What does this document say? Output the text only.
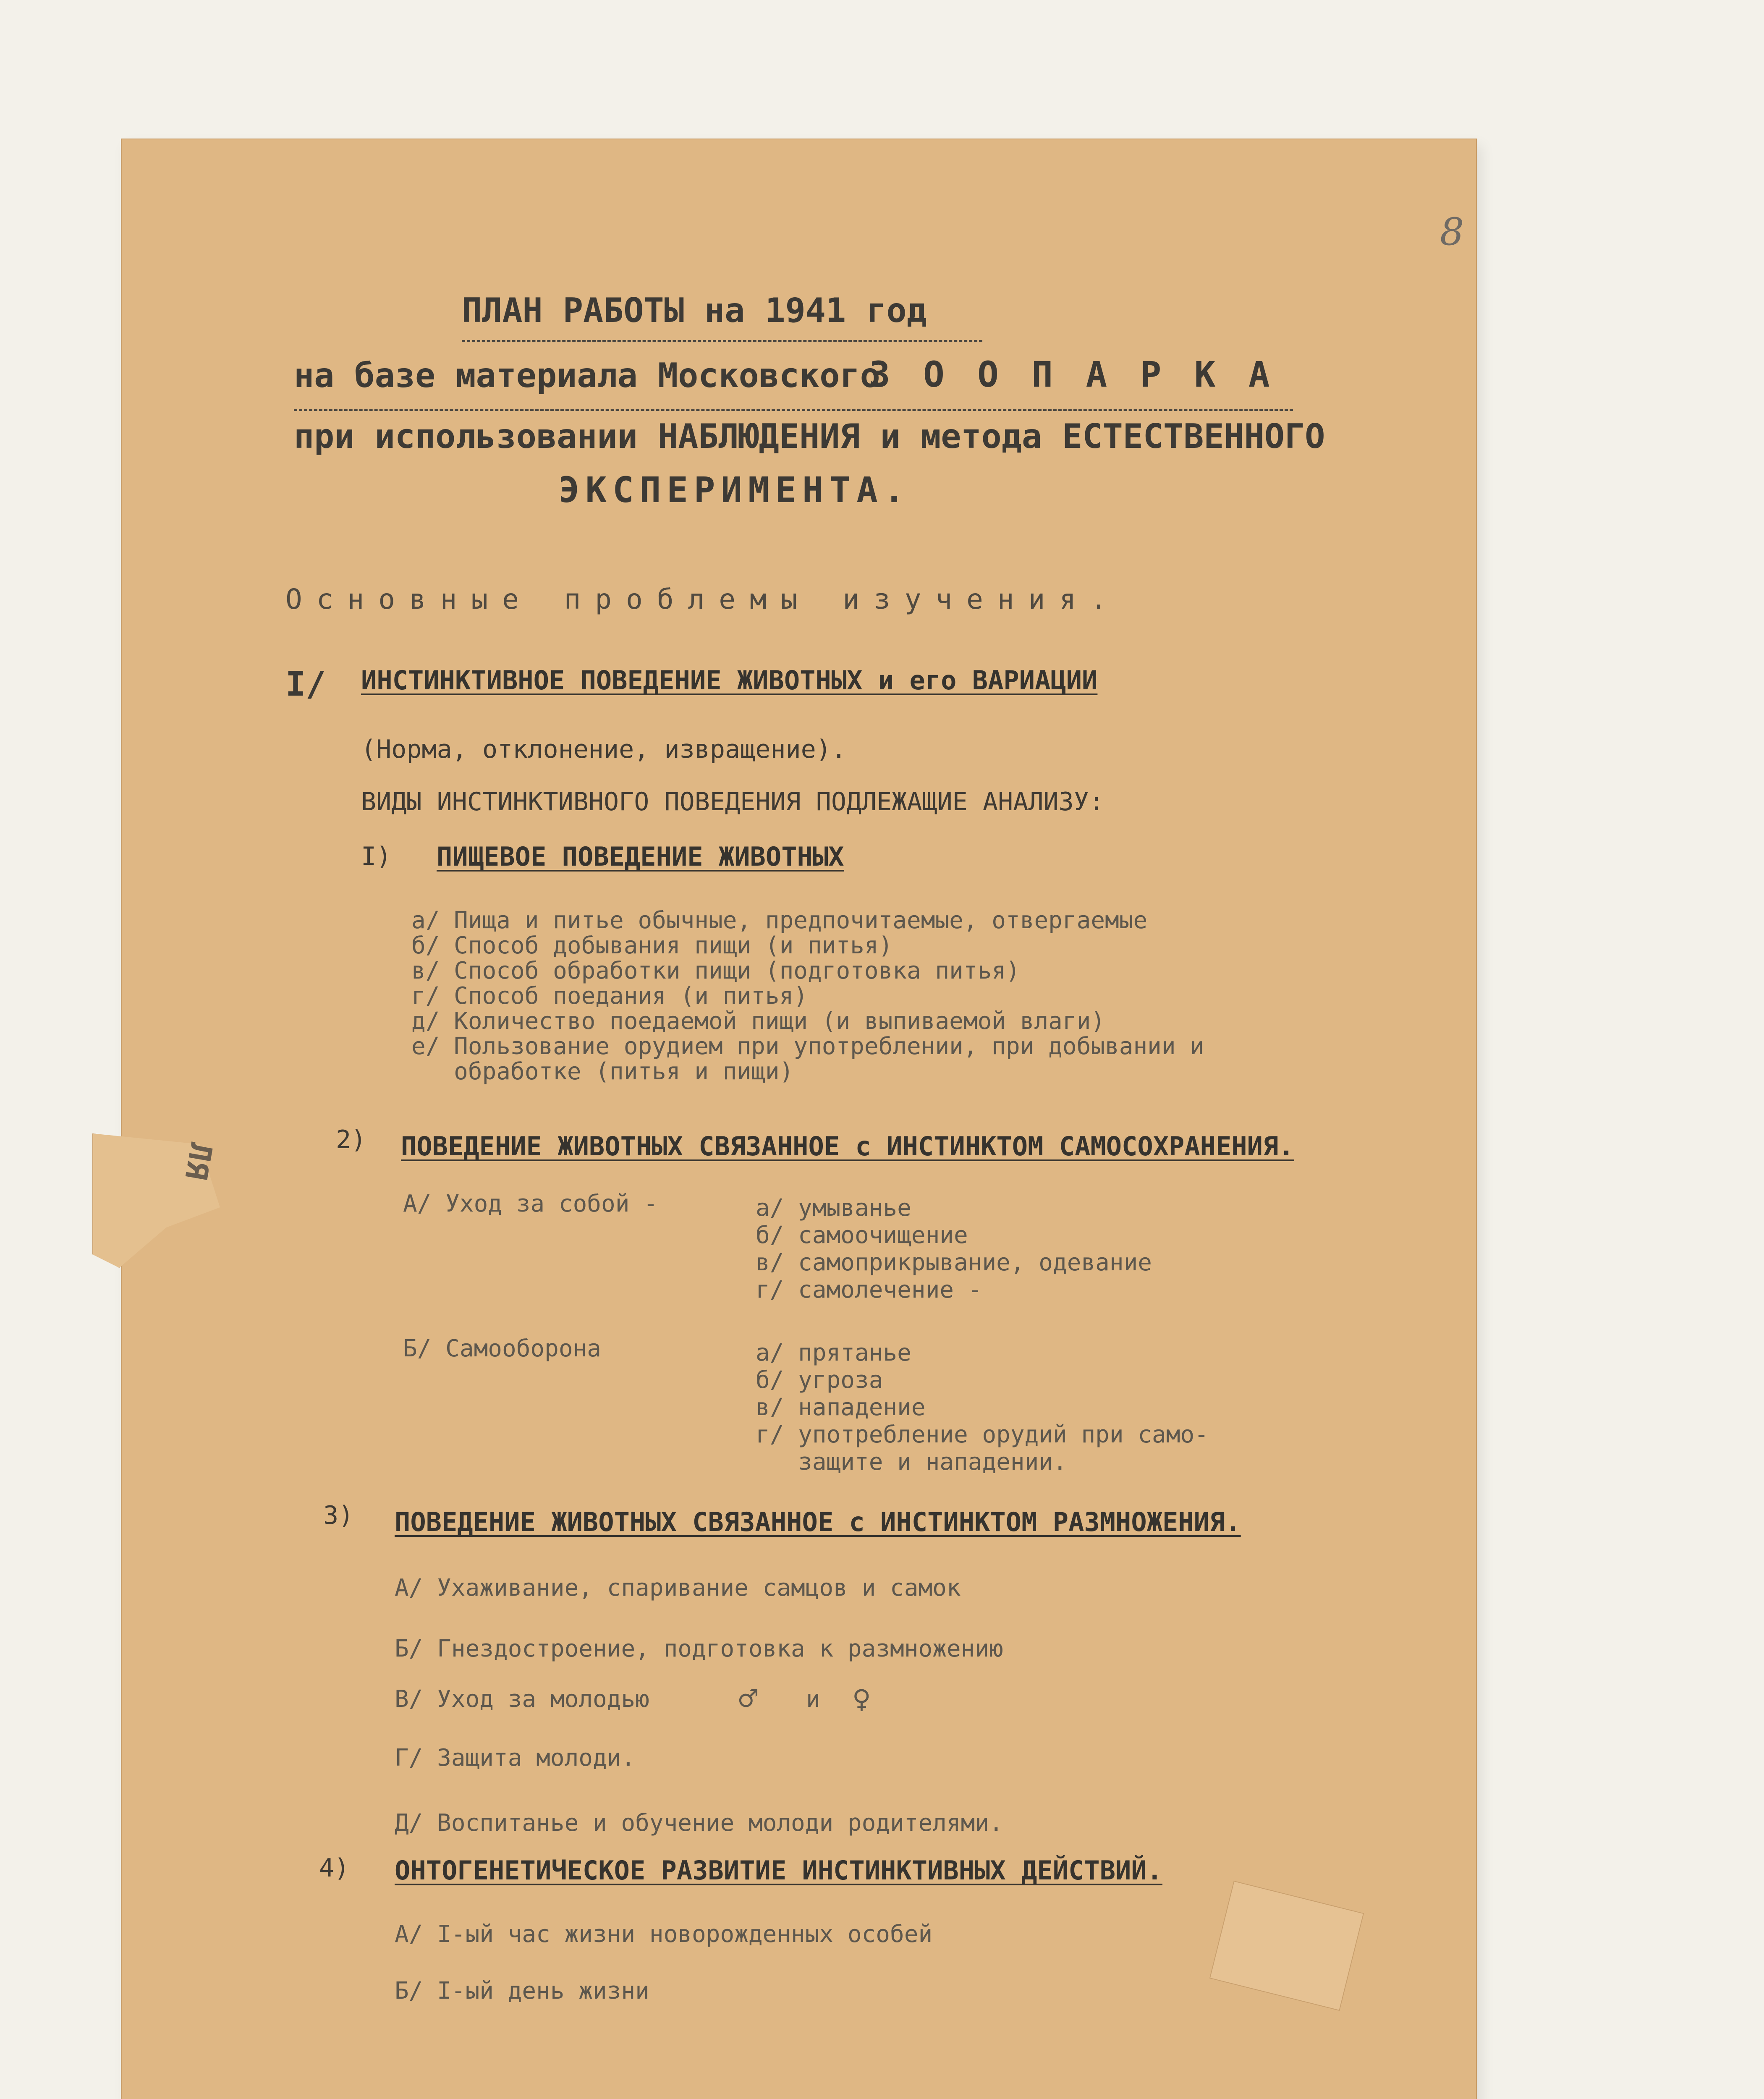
ЛЯ
8
ПЛАН РАБОТЫ на 1941 год
на базе материала Московского
З О О П А Р К А
при использовании НАБЛЮДЕНИЯ и метода ЕСТЕСТВЕННОГО
ЭКСПЕРИМЕНТА.
Основные проблемы изучения.
I/ ИНСТИНКТИВНОЕ ПОВЕДЕНИЕ ЖИВОТНЫХ и его ВАРИАЦИИ
(Норма, отклонение, извращение).
ВИДЫ ИНСТИНКТИВНОГО ПОВЕДЕНИЯ ПОДЛЕЖАЩИЕ АНАЛИЗУ:
I) ПИЩЕВОЕ ПОВЕДЕНИЕ ЖИВОТНЫХ
а/ Пища и питье обычные, предпочитаемые, отвергаемые
б/ Способ добывания пищи (и питья)
в/ Способ обработки пищи (подготовка питья)
г/ Способ поедания (и питья)
д/ Количество поедаемой пищи (и выпиваемой влаги)
е/ Пользование орудием при употреблении, при добывании и
обработке (питья и пищи)
2) ПОВЕДЕНИЕ ЖИВОТНЫХ СВЯЗАННОЕ с ИНСТИНКТОМ САМОСОХРАНЕНИЯ.
А/ Уход за собой -	а/ умыванье
б/ самоочищение
в/ самоприкрывание, одевание
г/ самолечение -
Б/ Самооборона	а/ прятанье
б/ угроза
в/ нападение
г/ употребление орудий при само-
защите и нападении.
3) ПОВЕДЕНИЕ ЖИВОТНЫХ СВЯЗАННОЕ с ИНСТИНКТОМ РАЗМНОЖЕНИЯ.
А/ Ухаживание, спаривание самцов и самок
Б/ Гнездостроение, подготовка к размножению
В/ Уход за молодью ♂ и ♀
Г/ Защита молоди.
Д/ Воспитанье и обучение молоди родителями.
4) ОНТОГЕНЕТИЧЕСКОЕ РАЗВИТИЕ ИНСТИНКТИВНЫХ ДЕЙСТВИЙ.
А/ I-ый час жизни новорожденных особей
Б/ I-ый день жизни
